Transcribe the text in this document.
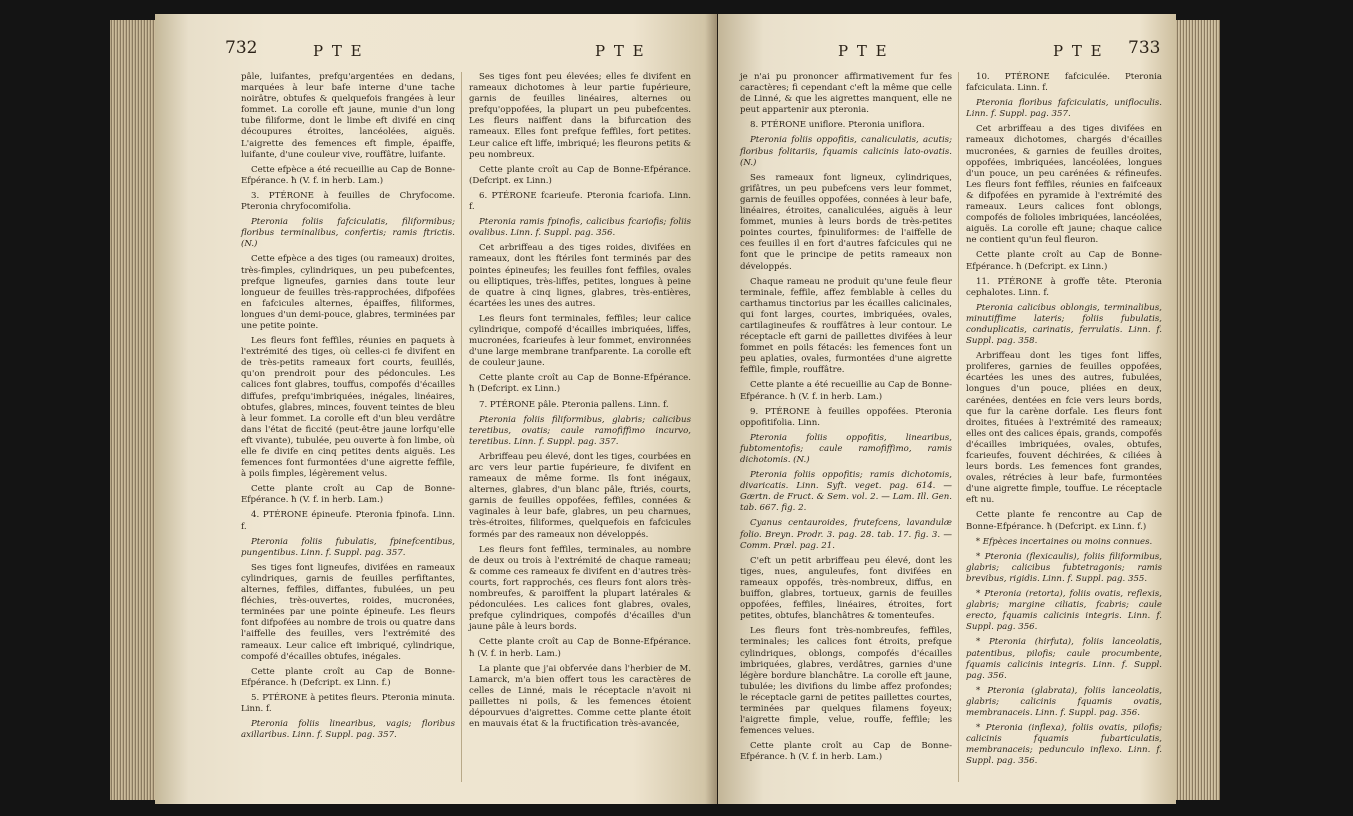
732	P T E	P T E

pâle, luifantes, prefqu'argentées en dedans, marquées à leur bafe interne d'une tache noirâtre, obtufes & quelquefois frangées à leur fommet. La corolle eft jaune, munie d'un long tube filiforme, dont le limbe eft divifé en cinq découpures étroites, lancéolées, aiguës. L'aigrette des femences eft fimple, épaiffe, luifante, d'une couleur vive, rouffâtre, luifante.

Cette efpèce a été recueillie au Cap de Bonne-Efpérance. ħ (V. f. in herb. Lam.)

3. PTÉRONE à feuilles de Chryfocome. Pteronia chryfocomifolia.

Pteronia foliis fafciculatis, filiformibus; floribus terminalibus, confertis; ramis ftrictis. (N.)

Cette efpèce a des tiges (ou rameaux) droites, très-fimples, cylindriques, un peu pubefcentes, prefque ligneufes, garnies dans toute leur longueur de feuilles très-rapprochées, difpofées en fafcicules alternes, épaiffes, filiformes, longues d'un demi-pouce, glabres, terminées par une petite pointe.

Les fleurs font feffiles, réunies en paquets à l'extrémité des tiges, où celles-ci fe divifent en de très-petits rameaux fort courts, feuillés, qu'on prendroit pour des pédoncules. Les calices font glabres, touffus, compofés d'écailles diffufes, prefqu'imbriquées, inégales, linéaires, obtufes, glabres, minces, fouvent teintes de bleu à leur fommet. La corolle eft d'un bleu verdâtre dans l'état de ficcité (peut-être jaune lorfqu'elle eft vivante), tubulée, peu ouverte à fon limbe, où elle fe divife en cinq petites dents aiguës. Les femences font furmontées d'une aigrette feffile, à poils fimples, légèrement velus.

Cette plante croît au Cap de Bonne-Efpérance. ħ (V. f. in herb. Lam.)

4. PTÉRONE épineufe. Pteronia fpinofa. Linn. f.

Pteronia foliis fubulatis, fpinefcentibus, pungentibus. Linn. f. Suppl. pag. 357.

Ses tiges font ligneufes, divifées en rameaux cylindriques, garnis de feuilles perfiftantes, alternes, feffiles, diffantes, fubulées, un peu fléchies, très-ouvertes, roides, mucronées, terminées par une pointe épineufe. Les fleurs font difpofées au nombre de trois ou quatre dans l'aiffelle des feuilles, vers l'extrémité des rameaux. Leur calice eft imbriqué, cylindrique, compofé d'écailles obtufes, inégales.

Cette plante croît au Cap de Bonne-Efpérance. ħ (Defcript. ex Linn. f.)

5. PTÉRONE à petites fleurs. Pteronia minuta. Linn. f.

Pteronia foliis linearibus, vagis; floribus axillaribus. Linn. f. Suppl. pag. 357.

Ses tiges font peu élevées; elles fe divifent en rameaux dichotomes à leur partie fupérieure, garnis de feuilles linéaires, alternes ou prefqu'oppofées, la plupart un peu pubefcentes. Les fleurs naiffent dans la bifurcation des rameaux. Elles font prefque feffiles, fort petites. Leur calice eft liffe, imbriqué; les fleurons petits & peu nombreux.

Cette plante croît au Cap de Bonne-Efpérance. (Defcript. ex Linn.)

6. PTÉRONE fcarieufe. Pteronia fcariofa. Linn. f.

Pteronia ramis fpinofis, calicibus fcariofis; foliis ovalibus. Linn. f. Suppl. pag. 356.

Cet arbriffeau a des tiges roides, divifées en rameaux, dont les ftériles font terminés par des pointes épineufes; les feuilles font feffiles, ovales ou elliptiques, très-liffes, petites, longues à peine de quatre à cinq lignes, glabres, très-entières, écartées les unes des autres.

Les fleurs font terminales, feffiles; leur calice cylindrique, compofé d'écailles imbriquées, liffes, mucronées, fcarieufes à leur fommet, environnées d'une large membrane tranfparente. La corolle eft de couleur jaune.

Cette plante croît au Cap de Bonne-Efpérance. ħ (Defcript. ex Linn.)

7. PTÉRONE pâle. Pteronia pallens. Linn. f.

Pteronia foliis filiformibus, glabris; calicibus teretibus, ovatis; caule ramofiffimo incurvo, teretibus. Linn. f. Suppl. pag. 357.

Arbriffeau peu élevé, dont les tiges, courbées en arc vers leur partie fupérieure, fe divifent en rameaux de même forme. Ils font inégaux, alternes, glabres, d'un blanc pâle, ftriés, courts, garnis de feuilles oppofées, feffiles, connées & vaginales à leur bafe, glabres, un peu charnues, très-étroites, filiformes, quelquefois en fafcicules formés par des rameaux non développés.

Les fleurs font feffiles, terminales, au nombre de deux ou trois à l'extrémité de chaque rameau; & comme ces rameaux fe divifent en d'autres très-courts, fort rapprochés, ces fleurs font alors très-nombreufes, & paroiffent la plupart latérales & pédonculées. Les calices font glabres, ovales, prefque cylindriques, compofés d'écailles d'un jaune pâle à leurs bords.

Cette plante croît au Cap de Bonne-Efpérance. ħ (V. f. in herb. Lam.)

La plante que j'ai obfervée dans l'herbier de M. Lamarck, m'a bien offert tous les caractères de celles de Linné, mais le réceptacle n'avoit ni paillettes ni poils, & les femences étoient dépourvues d'aigrettes. Comme cette plante étoit en mauvais état & la fructification très-avancée,

P T E	P T E 733

je n'ai pu prononcer affirmativement fur fes caractères; fi cependant c'eft la même que celle de Linné, & que les aigrettes manquent, elle ne peut appartenir aux pteronia.

8. PTÉRONE uniflore. Pteronia uniflora.

Pteronia foliis oppofitis, canaliculatis, acutis; floribus folitariis, fquamis calicinis lato-ovatis. (N.)

Ses rameaux font ligneux, cylindriques, grifâtres, un peu pubefcens vers leur fommet, garnis de feuilles oppofées, connées à leur bafe, linéaires, étroites, canaliculées, aiguës à leur fommet, munies à leurs bords de très-petites pointes courtes, fpinuliformes: de l'aiffelle de ces feuilles il en fort d'autres fafcicules qui ne font que le principe de petits rameaux non développés.

Chaque rameau ne produit qu'une feule fleur terminale, feffile, affez femblable à celles du carthamus tinctorius par les écailles calicinales, qui font larges, courtes, imbriquées, ovales, cartilagineufes & rouffâtres à leur contour. Le réceptacle eft garni de paillettes divifées à leur fommet en poils fétacés: les femences font un peu aplaties, ovales, furmontées d'une aigrette feffile, fimple, rouffâtre.

Cette plante a été recueillie au Cap de Bonne-Efpérance. ħ (V. f. in herb. Lam.)

9. PTÉRONE à feuilles oppofées. Pteronia oppofitifolia. Linn.

Pteronia foliis oppofitis, linearibus, fubtomentofis; caule ramofiffimo, ramis dichotomis. (N.)

Pteronia foliis oppofitis; ramis dichotomis, divaricatis. Linn. Syft. veget. pag. 614. — Gærtn. de Fruct. & Sem. vol. 2. — Lam. Ill. Gen. tab. 667. fig. 2.

Cyanus centauroides, frutefcens, lavandulæ folio. Breyn. Prodr. 3. pag. 28. tab. 17. fig. 3. — Comm. Præl. pag. 21.

C'eft un petit arbriffeau peu élevé, dont les tiges, nues, anguleufes, font divifées en rameaux oppofés, très-nombreux, diffus, en buiffon, glabres, tortueux, garnis de feuilles oppofées, feffiles, linéaires, étroites, fort petites, obtufes, blanchâtres & tomenteufes.

Les fleurs font très-nombreufes, feffiles, terminales; les calices font étroits, prefque cylindriques, oblongs, compofés d'écailles imbriquées, glabres, verdâtres, garnies d'une légère bordure blanchâtre. La corolle eft jaune, tubulée; les divifions du limbe affez profondes; le réceptacle garni de petites paillettes courtes, terminées par quelques filamens foyeux; l'aigrette fimple, velue, rouffe, feffile; les femences velues.

Cette plante croît au Cap de Bonne-Efpérance. ħ (V. f. in herb. Lam.)

10. PTÉRONE fafciculée. Pteronia fafciculata. Linn. f.

Pteronia floribus fafciculatis, unifloculis. Linn. f. Suppl. pag. 357.

Cet arbriffeau a des tiges divifées en rameaux dichotomes, chargés d'écailles mucronées, & garnies de feuilles droites, oppofées, imbriquées, lancéolées, longues d'un pouce, un peu carénées & réfineufes. Les fleurs font feffiles, réunies en faifceaux & difpofées en pyramide à l'extrémité des rameaux. Leurs calices font oblongs, compofés de folioles imbriquées, lancéolées, aiguës. La corolle eft jaune; chaque calice ne contient qu'un feul fleuron.

Cette plante croît au Cap de Bonne-Efpérance. ħ (Defcript. ex Linn.)

11. PTÉRONE à groffe tête. Pteronia cephalotes. Linn. f.

Pteronia calicibus oblongis, terminalibus, minutiffime lateris; foliis fubulatis, conduplicatis, carinatis, ferrulatis. Linn. f. Suppl. pag. 358.

Arbriffeau dont les tiges font liffes, proliferes, garnies de feuilles oppofées, écartées les unes des autres, fubulées, longues d'un pouce, pliées en deux, carénées, dentées en fcie vers leurs bords, que fur la carène dorfale. Les fleurs font droites, fituées à l'extrémité des rameaux; elles ont des calices épais, grands, compofés d'écailles imbriquées, ovales, obtufes, fcarieufes, fouvent déchirées, & ciliées à leurs bords. Les femences font grandes, ovales, rétrécies à leur bafe, furmontées d'une aigrette fimple, touffue. Le réceptacle eft nu.

Cette plante fe rencontre au Cap de Bonne-Efpérance. ħ (Defcript. ex Linn. f.)

* Efpèces incertaines ou moins connues.

* Pteronia (flexicaulis), foliis filiformibus, glabris; calicibus fubtetragonis; ramis brevibus, rigidis. Linn. f. Suppl. pag. 355.

* Pteronia (retorta), foliis ovatis, reflexis, glabris; margine ciliatis, fcabris; caule erecto, fquamis calicinis integris. Linn. f. Suppl. pag. 356.

* Pteronia (hirfuta), foliis lanceolatis, patentibus, pilofis; caule procumbente, fquamis calicinis integris. Linn. f. Suppl. pag. 356.

* Pteronia (glabrata), foliis lanceolatis, glabris; calicinis fquamis ovatis, membranaceis. Linn. f. Suppl. pag. 356.

* Pteronia (inflexa), foliis ovatis, pilofis; calicinis fquamis fubarticulatis, membranaceis; pedunculo inflexo. Linn. f. Suppl. pag. 356.
